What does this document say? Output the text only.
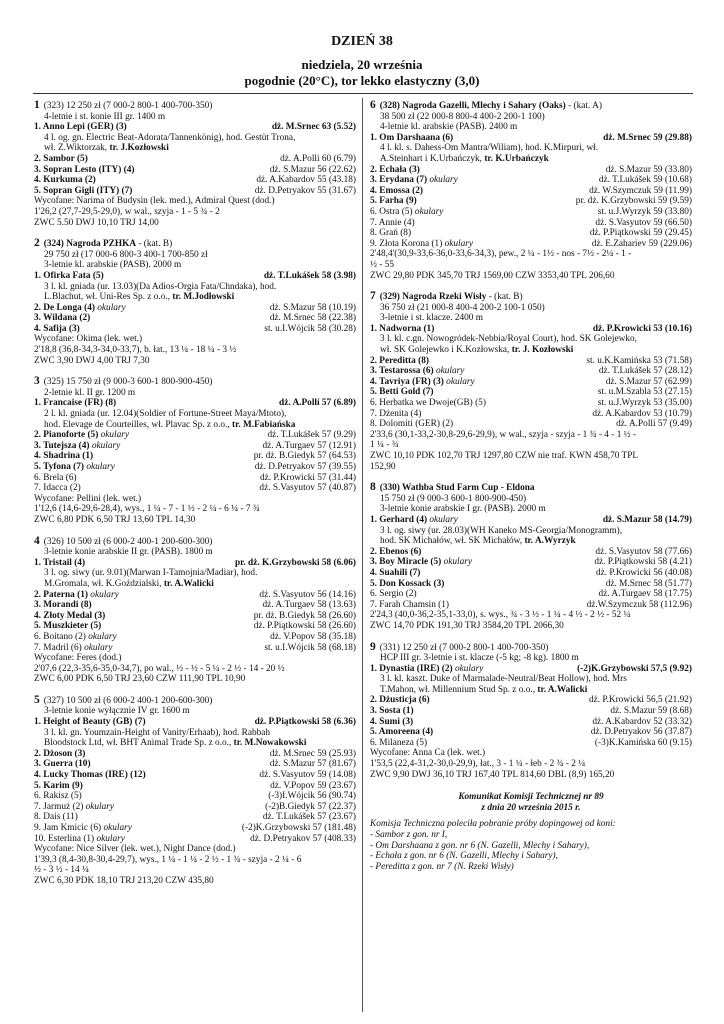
DZIEŃ 38
niedziela, 20 września
pogodnie (20°C), tor lekko elastyczny (3,0)
1 (323) 12 250 zł (7 000-2 800-1 400-700-350)
4-letnie i st. konie III gr. 1400 m
1. Anno Lepi (GER) (3)	dż. M.Srnec 63 (5.52)
4 l. og. gn. Electric Beat-Adorata/Tannenkönig), hod. Gestüt Trona,
wł. Z.Wiktorzak, tr. J.Kozłowski
2. Sambor (5)	dż. A.Polli 60 (6.79)
3. Sopran Lesto (ITY) (4)	dż. S.Mazur 56 (22.62)
4. Kurkuma (2)	dż. A.Kabardov 55 (43.18)
5. Sopran Gigli (ITY) (7)	dż. D.Petryakov 55 (31.67)
Wycofane: Narima of Budysin (lek. med.), Admiral Quest (dod.)
1'26,2 (27,7-29,5-29,0), w wal., szyja - 1 - 5 ¾ - 2
ZWC 5.50 DWJ 10,10 TRJ 14,00
2 (324) Nagroda PZHKA - (kat. B)
29 750 zł (17 000-6 800-3 400-1 700-850 zł
3-letnie kl. arabskie (PASB). 2000 m
1. Ofirka Fata (5)	dż. T.Lukášek 58 (3.98)
3 l. kl. gniada (ur. 13.03)(Da Adios-Orgia Fata/Chndaka), hod.
L.Blachut, wł. Uni-Res Sp. z o.o., tr. M.Jodłowski
2. De Longa (4) okulary	dż. S.Mazur 58 (10.19)
3. Wildana (2)	dż. M.Srnec 58 (22.38)
4. Safija (3)	st. u.I.Wójcik 58 (30.28)
Wycofane: Okima (lek. wet.)
2'18,8 (36,8-34,3-34,0-33,7), b. łat., 13 ¼ - 18 ¼ - 3 ½
ZWC 3,90 DWJ 4,00 TRJ 7,30
3 (325) 15 750 zł (9 000-3 600-1 800-900-450)
2-letnie kl. II gr. 1200 m
1. Francaise (FR) (8)	dż. A.Pollí 57 (6.89)
2 l. kl. gniada (ur. 12.04)(Soldier of Fortune-Street Maya/Mtoto),
hod. Elevage de Courteilles, wł. Plavac Sp. z o.o., tr. M.Fabiańska
2. Pianoforte (5) okulary	dż. T.Lukášek 57 (9.29)
3. Tutejsza (4) okulary	dż. A.Turgaev 57 (12.91)
4. Shadrina (1)	pr. dż. B.Giedyk 57 (64.53)
5. Tyfona (7) okulary	dż. D.Petryakov 57 (39.55)
6. Brela (6)	dż. P.Krowicki 57 (31.44)
7. Idacca (2)	dż. S.Vasyutov 57 (40.87)
Wycofane: Pellini (lek. wet.)
1'12,6 (14,6-29,6-28,4), wys., 1 ¼ - 7 - 1 ½ - 2 ¼ - 6 ¼ - 7 ¾
ZWC 6,80 PDK 6,50 TRJ 13,60 TPL 14,30
4 (326) 10 500 zł (6 000-2 400-1 200-600-300)
3-letnie konie arabskie II gr. (PASB). 1800 m
1. Tristail (4)	pr. dż. K.Grzybowski 58 (6.06)
3 l. og. siwy (ur. 9.01)(Marwan I-Tamojnia/Madiar), hod.
M.Gromala, wł. K.Goździalski, tr. A.Walicki
2. Paterna (1) okulary	dż. S.Vasyutov 56 (14.16)
3. Morandi (8)	dż. A.Turgaev 58 (13.63)
4. Złoty Medal (3)	pr. dż. B.Giedyk 58 (26.60)
5. Muszkieter (5)	dż. P.Piątkowski 58 (26.60)
6. Boitano (2) okulary	dż. V.Popov 58 (35.18)
7. Madril (6) okulary	st. u.I.Wójcik 58 (68.18)
Wycofane: Feres (dod.)
2'07,6 (22,3-35,6-35,0-34,7), po wal., ½ - ½ - 5 ¼ - 2 ½ - 14 - 20 ½
ZWC 6,00 PDK 6,50 TRJ 23,60 CZW 111,90 TPL 10,90
5 (327) 10 500 zł (6 000-2 400-1 200-600-300)
3-letnie konie wyłącznie IV gr. 1600 m
1. Height of Beauty (GB) (7)	dż. P.Piątkowski 58 (6.36)
3 l. kl. gn. Youmzain-Height of Vanity/Erhaab), hod. Rabbah
Bloodstock Ltd, wł. BHT Animal Trade Sp. z o.o., tr. M.Nowakowski
2. Dżoson (3)	dż. M.Srnec 59 (25.93)
3. Guerra (10)	dż. S.Mazur 57 (81.67)
4. Lucky Thomas (IRE) (12)	dż. S.Vasyutov 59 (14.08)
5. Karim (9)	dż. V.Popov 59 (23.67)
6. Rakisz (5)	(-3)I.Wójcik 56 (90.74)
7. Jarmuż (2) okulary	(-2)B.Giedyk 57 (22.37)
8. Dais (11)	dż. T.Lukášek 57 (23.67)
9. Jam Kmicic (6) okulary	(-2)K.Grzybowski 57 (181.48)
10. Esterlina (1) okulary	dż. D.Petryakov 57 (408.33)
Wycofane: Nice Silver (lek. wet.), Night Dance (dod.)
1'39,3 (8,4-30,8-30,4-29,7), wys., 1 ¼ - 1 ¼ - 2 ½ - 1 ¾ - szyja - 2 ¼ - 6
½ - 3 ½ - 14 ¼
ZWC 6,30 PDK 18,10 TRJ 213,20 CZW 435,80
6 (328) Nagroda Gazelli, Mlechy i Sahary (Oaks) - (kat. A)
38 500 zł (22 000-8 800-4 400-2 200-1 100)
4-letnie kl. arabskie (PASB). 2400 m
1. Om Darshaana (6)	dż. M.Srnec 59 (29.88)
4 l. kl. s. Dahess-Om Mantra/Wiliam), hod. K.Mirpuri, wł.
A.Steinhart i K.Urbańczyk, tr. K.Urbańczyk
2. Echała (3)	dż. S.Mazur 59 (33.80)
3. Erydana (7) okulary	dż. T.Lukášek 59 (10.68)
4. Emossa (2)	dż. W.Szymczuk 59 (11.99)
5. Farha (9)	pr. dż. K.Grzybowski 59 (9.59)
6. Ostra (5) okulary	st. u.J.Wyrzyk 59 (33.80)
7. Annie (4)	dż. S.Vasyutov 59 (66.50)
8. Grań (8)	dż. P.Piątkowski 59 (29.45)
9. Złota Korona (1) okulary	dż. E.Zahariev 59 (229.06)
2'48,4'(30,9-33,6-36,0-33,6-34,3), pew., 2 ¼ - 1½ - nos - 7½ - 2¼ - 1 -
½ - 55
ZWC 29,80 PDK 345,70 TRJ 1569,00 CZW 3353,40 TPL 206,60
7 (329) Nagroda Rzeki Wisły - (kat. B)
36 750 zł (21 000-8 400-4 200-2 100-1 050)
3-letnie i st. klacze. 2400 m
1. Nadworna (1)	dż. P.Krowicki 53 (10.16)
3 l. kl. c.gn. Nowogródek-Nebbia/Royal Court), hod. SK Golejewko,
wł. SK Golejewko i K.Kozłowska, tr. J. Kozłowski
2. Pereditta (8)	st. u.K.Kamińska 53 (71.58)
3. Testarossa (6) okulary	dż. T.Lukášek 57 (28.12)
4. Tavriya (FR) (3) okulary	dż. S.Mazur 57 (62.99)
5. Betti Gold (7)	st. u.M.Szabla 53 (27.15)
6. Herbatka we Dwoje(GB) (5)	st. u.J.Wyrzyk 53 (35.00)
7. Dżenita (4)	dż. A.Kabardov 53 (10.79)
8. Dolomiti (GER) (2)	dż. A.Pollí 57 (9.49)
2'33,6 (30,1-33,2-30,8-29,6-29,9), w wal., szyja - szyja - 1 ¾ - 4 - 1 ½ -
1 ¼ - ¾
ZWC 10,10 PDK 102,70 TRJ 1297,80 CZW nie traf. KWN 458,70 TPL
152,90
8 (330) Wathba Stud Farm Cup - Eldona
15 750 zł (9 000-3 600-1 800-900-450)
3-letnie konie arabskie I gr. (PASB). 2000 m
1. Gerhard (4) okulary	dż. S.Mazur 58 (14.79)
3 l. og. siwy (ur. 28.03)(WH Kaneko MS-Georgia/Monogramm),
hod. SK Michałów, wł. SK Michałów, tr. A.Wyrzyk
2. Ebenos (6)	dż. S.Vasyutov 58 (77.66)
3. Boy Miracle (5) okulary	dż. P.Piątkowski 58 (4.21)
4. Suahili (7)	dż. P.Krowicki 56 (40.08)
5. Don Kossack (3)	dż. M.Srnec 58 (51.77)
6. Sergio (2)	dż. A.Turgaev 58 (17.75)
7. Farah Chamsin (1)	dż.W.Szymczuk 58 (112.96)
2'24,3 (40,0-36,2-35,1-33,0), s. wys., ¾ - 3 ½ - 1 ¼ - 4 ½ - 2 ½ - 52 ¼
ZWC 14,70 PDK 191,30 TRJ 3584,20 TPL 2066,30
9 (331) 12 250 zł (7 000-2 800-1 400-700-350)
HCP III gr. 3-letnie i st. klacze (-5 kg; -8 kg). 1800 m
1. Dynastia (IRE) (2) okulary	(-2)K.Grzybowski 57,5 (9.92)
3 l. kl. kaszt. Duke of Marmalade-Neutral/Beat Hollow), hod. Mrs
T.Mahon, wł. Millennium Stud Sp. z o.o., tr. A.Walicki
2. Dżusticja (6)	dż. P.Krowicki 56,5 (21.92)
3. Sosta (1)	dż. S.Mazur 59 (8.68)
4. Sumi (3)	dż. A.Kabardov 52 (33.32)
5. Amoreena (4)	dż. D.Petryakov 56 (37.87)
6. Milaneza (5)	(-3)K.Kamińska 60 (9.15)
Wycofane: Anna Ca (lek. wet.)
1'53,5 (22,4-31,2-30,0-29,9), łat., 3 - 1 ¼ - łeb - 2 ¾ - 2 ¼
ZWC 9,90 DWJ 36,10 TRJ 167,40 TPL 814,60 DBL (8,9) 165,20
Komunikat Komisji Technicznej nr 89
z dnia 20 września 2015 r.
Komisja Techniczna poleciła pobranie próby dopingowej od koni:
- Sambor z gon. nr I,
- Om Darshaana z gon. nr 6 (N. Gazelli, Mlechy i Sahary),
- Echała z gon. nr 6 (N. Gazelli, Mlechy i Sahary),
- Pereditta z gon. nr 7 (N. Rzeki Wisły)
